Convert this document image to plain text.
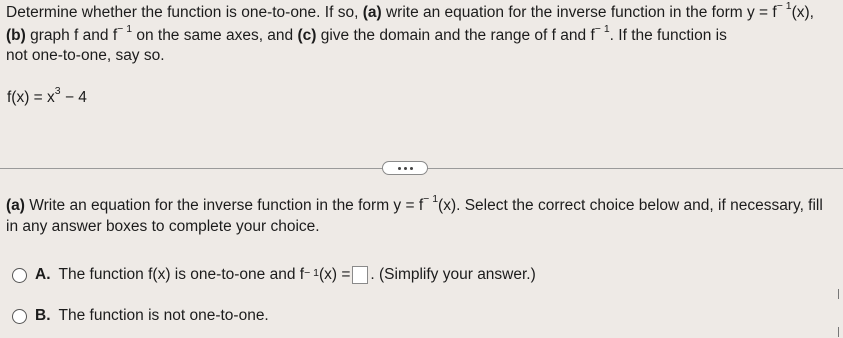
Determine whether the function is one-to-one. If so, (a) write an equation for the inverse function in the form $y = f^{- 1}(x)$,
(b) graph f and $f^{- 1}$ on the same axes, and (c) give the domain and the range of f and $f^{- 1}$. If the function is
not one-to-one, say so.
$f(x) = x^3 - 4$
(a) Write an equation for the inverse function in the form $y = f^{- 1}(x)$. Select the correct choice below and, if necessary, fill
in any answer boxes to complete your choice.
A. The function f(x) is one-to-one and $f^{- 1}$ (x) = . (Simplify your answer.)
B. The function is not one-to-one.
